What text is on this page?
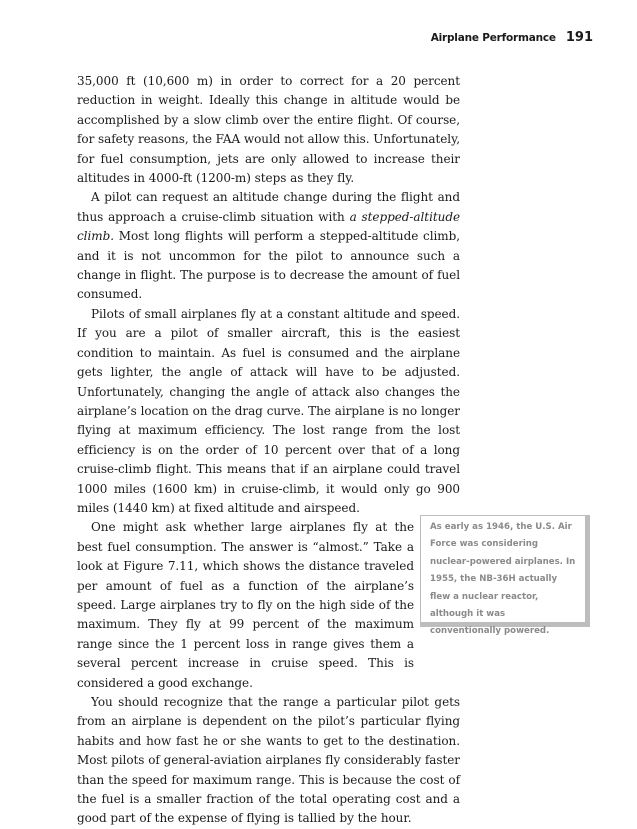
Airplane Performance 191

35,000 ft (10,600 m) in order to correct for a 20 percent reduction in weight. Ideally this change in altitude would be accomplished by a slow climb over the entire flight. Of course, for safety reasons, the FAA would not allow this. Unfortunately, for fuel consumption, jets are only allowed to increase their altitudes in 4000-ft (1200-m) steps as they fly.

A pilot can request an altitude change during the flight and thus approach a cruise-climb situation with a stepped-altitude climb. Most long flights will perform a stepped-altitude climb, and it is not uncommon for the pilot to announce such a change in flight. The purpose is to decrease the amount of fuel consumed.

Pilots of small airplanes fly at a constant altitude and speed. If you are a pilot of smaller aircraft, this is the easiest condition to maintain. As fuel is consumed and the airplane gets lighter, the angle of attack will have to be adjusted. Unfortunately, changing the angle of attack also changes the airplane’s location on the drag curve. The airplane is no longer flying at maximum efficiency. The lost range from the lost efficiency is on the order of 10 percent over that of a long cruise-climb flight. This means that if an airplane could travel 1000 miles (1600 km) in cruise-climb, it would only go 900 miles (1440 km) at fixed altitude and airspeed.

One might ask whether large airplanes fly at the best fuel consumption. The answer is “almost.” Take a look at Figure 7.11, which shows the distance traveled per amount of fuel as a function of the airplane’s speed. Large airplanes try to fly on the high side of the maximum. They fly at 99 percent of the maximum range since the 1 percent loss in range gives them a several percent increase in cruise speed. This is considered a good exchange.

You should recognize that the range a particular pilot gets from an airplane is dependent on the pilot’s particular flying habits and how fast he or she wants to get to the destination. Most pilots of general-aviation airplanes fly considerably faster than the speed for maximum range. This is because the cost of the fuel is a smaller fraction of the total operating cost and a good part of the expense of flying is tallied by the hour.

As early as 1946, the U.S. Air Force was considering nuclear-powered airplanes. In 1955, the NB-36H actually flew a nuclear reactor, although it was conventionally powered.
